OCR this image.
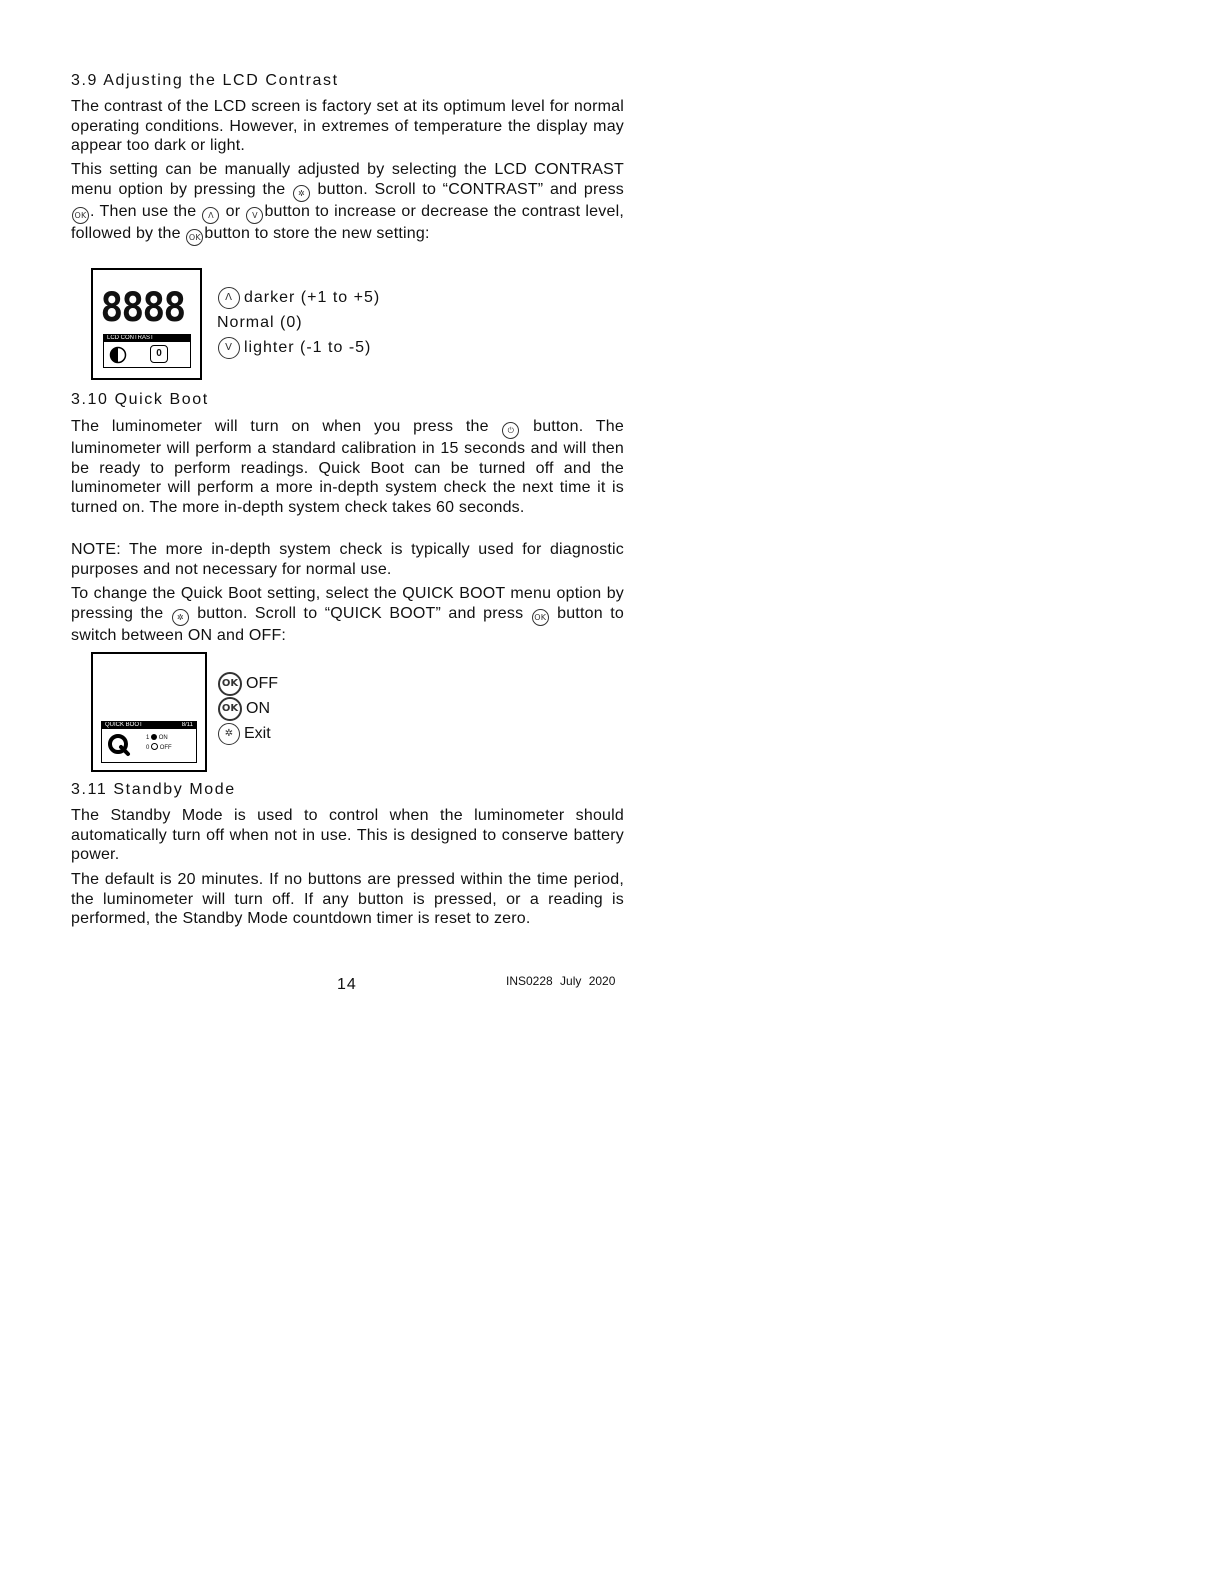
3.9 Adjusting the LCD Contrast

The contrast of the LCD screen is factory set at its optimum level for normal operating conditions. However, in extremes of temperature the display may appear too dark or light.

This setting can be manually adjusted by selecting the LCD CONTRAST menu option by pressing the ✲ button. Scroll to “CONTRAST” and press OK . Then use the Λ or V button to increase or decrease the contrast level, followed by the OK button to store the new setting:

8888
LCD CONTRAST
0
Λ darker (+1 to +5)
Normal (0)
V lighter (-1 to -5)
3.10 Quick Boot

The luminometer will turn on when you press the ⏻ button. The luminometer will perform a standard calibration in 15 seconds and will then be ready to perform readings. Quick Boot can be turned off and the luminometer will perform a more in-depth system check the next time it is turned on. The more in-depth system check takes 60 seconds.

NOTE: The more in-depth system check is typically used for diagnostic purposes and not necessary for normal use.

To change the Quick Boot setting, select the QUICK BOOT menu option by pressing the ✲ button. Scroll to “QUICK BOOT” and press OK button to switch between ON and OFF:

QUICK BOOT	8/11
1 ON
0 OFF
OK OFF
OK ON
✲ Exit
3.11 Standby Mode

The Standby Mode is used to control when the luminometer should automatically turn off when not in use. This is designed to conserve battery power.

The default is 20 minutes. If no buttons are pressed within the time period, the luminometer will turn off. If any button is pressed, or a reading is performed, the Standby Mode countdown timer is reset to zero.

14	INS0228 July 2020
